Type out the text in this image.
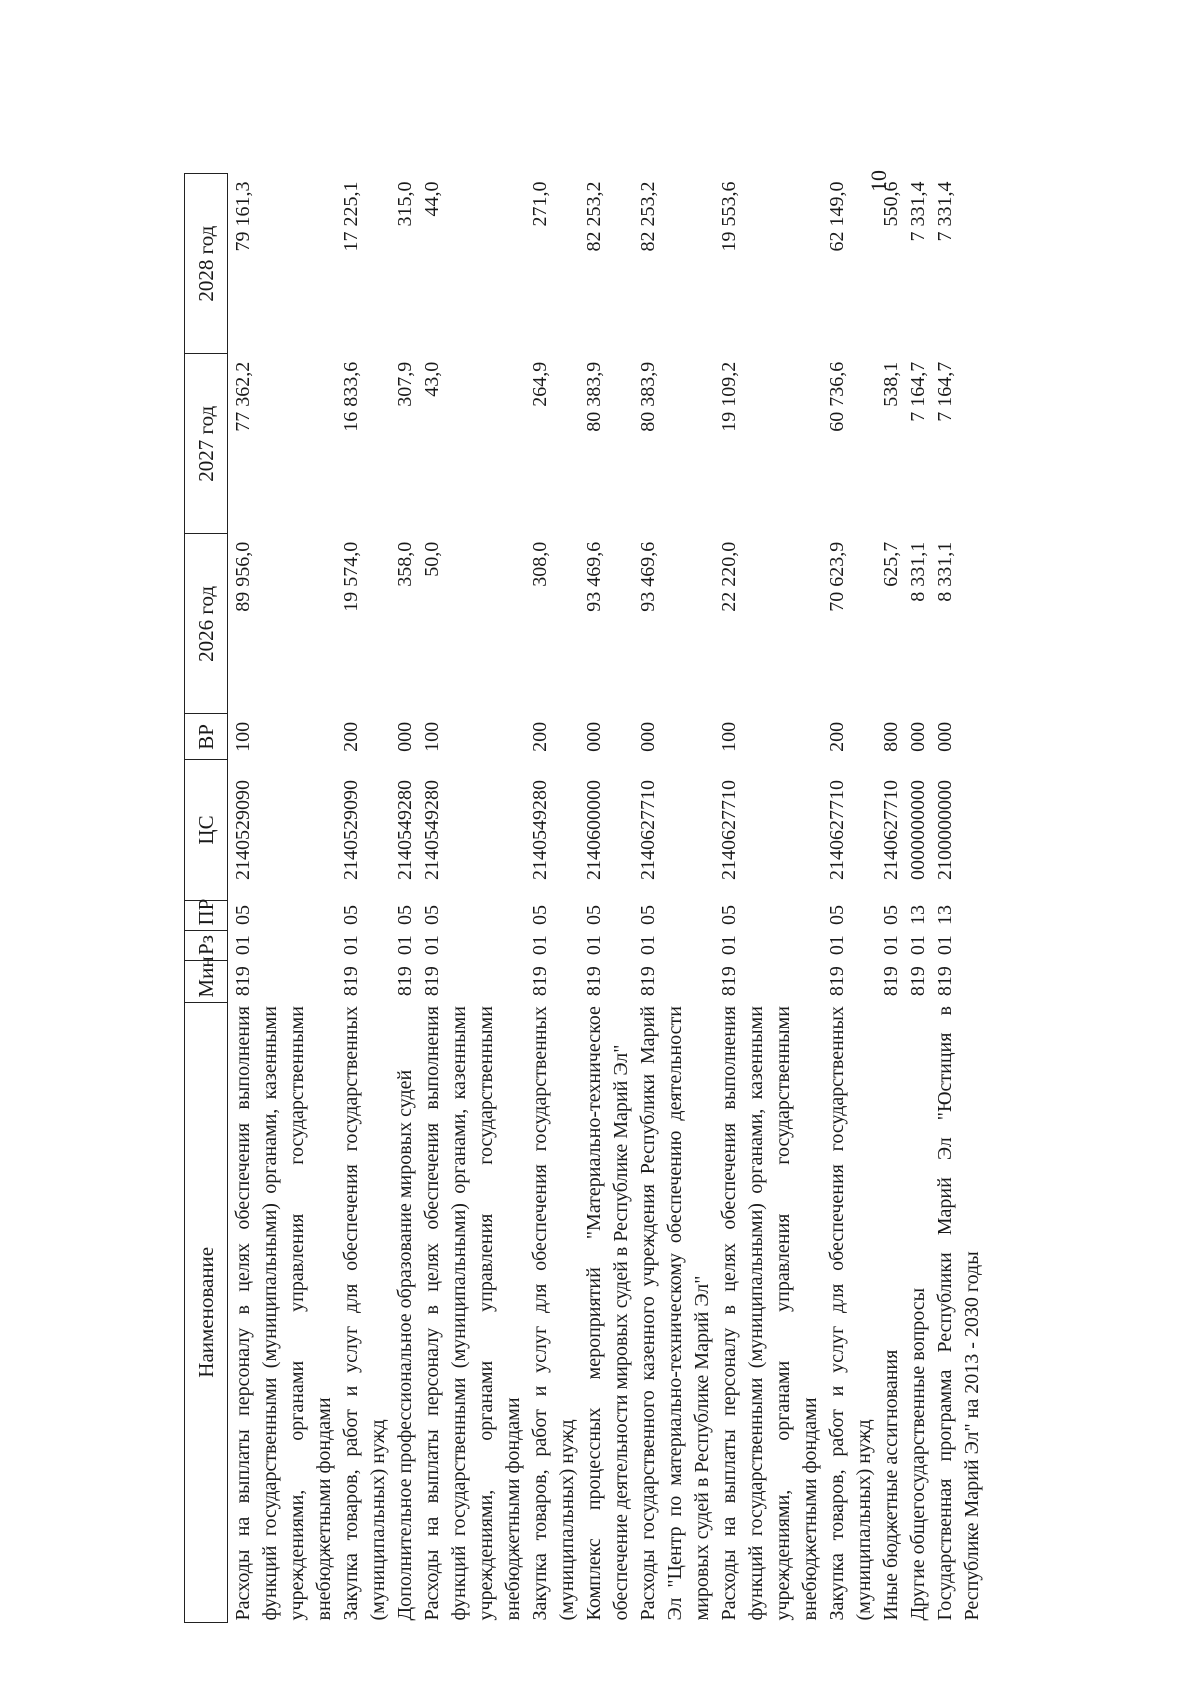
10
Наименование	Мин	Рз	ПР	ЦС	ВР	2026 год	2027 год	2028 год
Расходы на выплаты персоналу в целях обеспечения выполнения функций государственными (муниципальными) органами, казенными учреждениями, органами управления государственными внебюджетными фондами	819	01	05	2140529090	100	89 956,0	77 362,2	79 161,3
Закупка товаров, работ и услуг для обеспечения государственных (муниципальных) нужд	819	01	05	2140529090	200	19 574,0	16 833,6	17 225,1
Дополнительное профессиональное образование мировых судей	819	01	05	2140549280	000	358,0	307,9	315,0
Расходы на выплаты персоналу в целях обеспечения выполнения функций государственными (муниципальными) органами, казенными учреждениями, органами управления государственными внебюджетными фондами	819	01	05	2140549280	100	50,0	43,0	44,0
Закупка товаров, работ и услуг для обеспечения государственных (муниципальных) нужд	819	01	05	2140549280	200	308,0	264,9	271,0
Комплекс процессных мероприятий "Материально-техническое обеспечение деятельности мировых судей в Республике Марий Эл"	819	01	05	2140600000	000	93 469,6	80 383,9	82 253,2
Расходы государственного казенного учреждения Республики Марий Эл "Центр по материально-техническому обеспечению деятельности мировых судей в Республике Марий Эл"	819	01	05	2140627710	000	93 469,6	80 383,9	82 253,2
Расходы на выплаты персоналу в целях обеспечения выполнения функций государственными (муниципальными) органами, казенными учреждениями, органами управления государственными внебюджетными фондами	819	01	05	2140627710	100	22 220,0	19 109,2	19 553,6
Закупка товаров, работ и услуг для обеспечения государственных (муниципальных) нужд	819	01	05	2140627710	200	70 623,9	60 736,6	62 149,0
Иные бюджетные ассигнования	819	01	05	2140627710	800	625,7	538,1	550,6
Другие общегосударственные вопросы	819	01	13	0000000000	000	8 331,1	7 164,7	7 331,4
Государственная программа Республики Марий Эл "Юстиция в Республике Марий Эл" на 2013 - 2030 годы	819	01	13	2100000000	000	8 331,1	7 164,7	7 331,4
